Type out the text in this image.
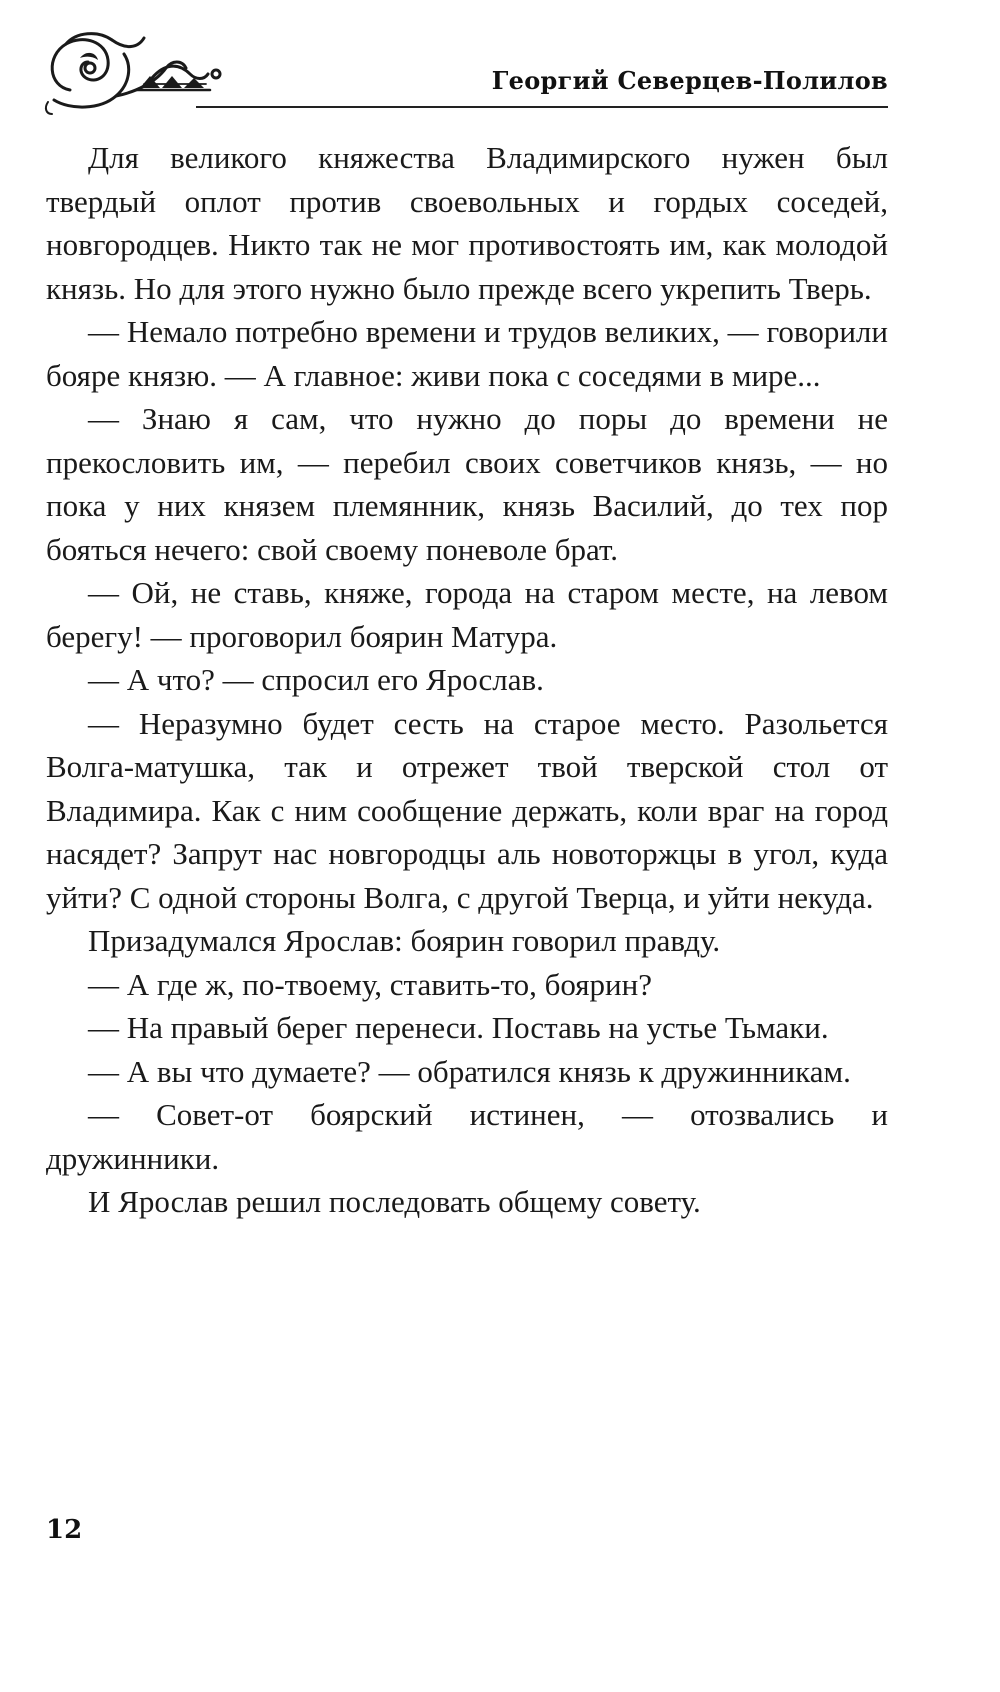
Георгий Северцев-Полилов

Для великого княжества Владимирского нужен был твердый оплот против своевольных и гордых соседей, новгородцев. Никто так не мог противостоять им, как молодой князь. Но для этого нужно было прежде всего укрепить Тверь.

— Немало потребно времени и трудов великих, — говорили бояре князю. — А главное: живи пока с соседями в мире...

— Знаю я сам, что нужно до поры до времени не прекословить им, — перебил своих советчиков князь, — но пока у них князем племянник, князь Василий, до тех пор бояться нечего: свой своему поневоле брат.

— Ой, не ставь, княже, города на старом месте, на левом берегу! — проговорил боярин Матура.

— А что? — спросил его Ярослав.

— Неразумно будет сесть на старое место. Разольется Волга-матушка, так и отрежет твой тверской стол от Владимира. Как с ним сообщение держать, коли враг на город насядет? Запрут нас новгородцы аль новоторжцы в угол, куда уйти? С одной стороны Волга, с другой Тверца, и уйти некуда.

Призадумался Ярослав: боярин говорил правду.

— А где ж, по-твоему, ставить-то, боярин?

— На правый берег перенеси. Поставь на устье Тьмаки.

— А вы что думаете? — обратился князь к дружинникам.

— Совет-от боярский истинен, — отозвались и дружинники.

И Ярослав решил последовать общему совету.

12
